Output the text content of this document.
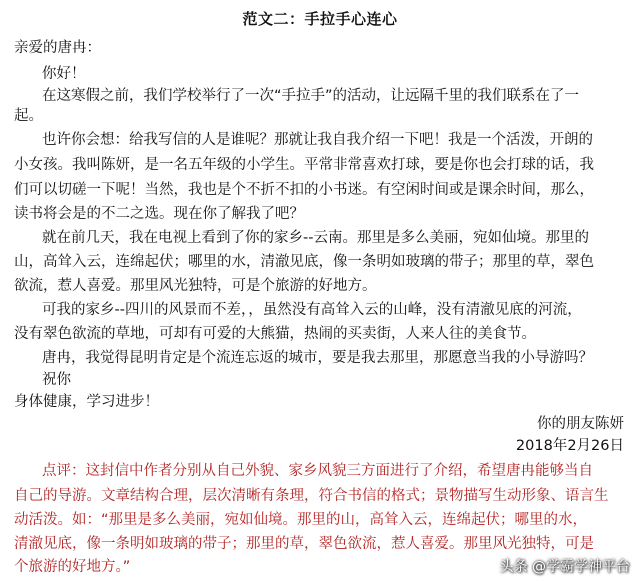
范文二：手拉手心连心
亲爱的唐冉：
你好！
在这寒假之前，我们学校举行了一次“手拉手”的活动，让远隔千里的我们联系在了一
起。
也许你会想：给我写信的人是谁呢？那就让我自我介绍一下吧！我是一个活泼，开朗的
小女孩。我叫陈妍，是一名五年级的小学生。平常非常喜欢打球，要是你也会打球的话，我
们可以切磋一下呢！当然，我也是个不折不扣的小书迷。有空闲时间或是课余时间，那么，
读书将会是的不二之选。现在你了解我了吧？
就在前几天，我在电视上看到了你的家乡--云南。那里是多么美丽，宛如仙境。那里的
山，高耸入云，连绵起伏；哪里的水，清澈见底，像一条明如玻璃的带子；那里的草，翠色
欲流，惹人喜爱。那里风光独特，可是个旅游的好地方。
可我的家乡--四川的风景而不差，，虽然没有高耸入云的山峰，没有清澈见底的河流，
没有翠色欲流的草地，可却有可爱的大熊猫，热闹的买卖街，人来人往的美食节。
唐冉，我觉得昆明肯定是个流连忘返的城市，要是我去那里，那愿意当我的小导游吗？
祝你
身体健康，学习进步！
你的朋友陈妍
2018年2月26日
点评：这封信中作者分别从自己外貌、家乡风貌三方面进行了介绍，希望唐冉能够当自
自己的导游。文章结构合理，层次清晰有条理，符合书信的格式；景物描写生动形象、语言生
动活泼。如：“那里是多么美丽，宛如仙境。那里的山，高耸入云，连绵起伏；哪里的水，
清澈见底，像一条明如玻璃的带子；那里的草，翠色欲流，惹人喜爱。那里风光独特，可是
个旅游的好地方。”	头条 @学霸学神平台
